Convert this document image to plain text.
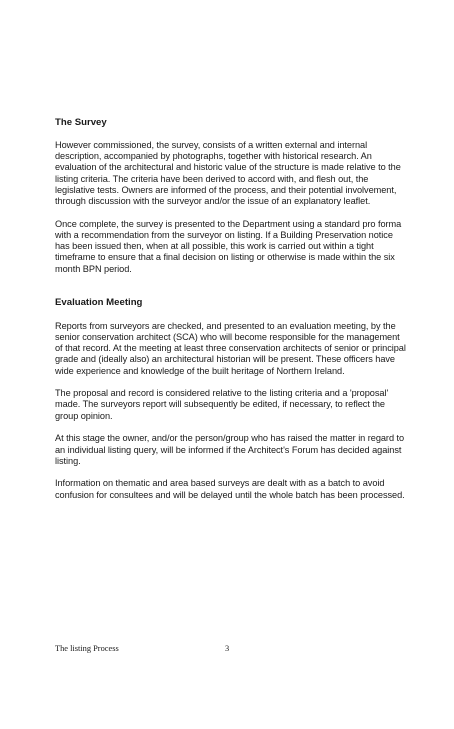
The Survey

However commissioned, the survey, consists of a written external and internal description, accompanied by photographs, together with historical research. An evaluation of the architectural and historic value of the structure is made relative to the listing criteria. The criteria have been derived to accord with, and flesh out, the legislative tests. Owners are informed of the process, and their potential involvement, through discussion with the surveyor and/or the issue of an explanatory leaflet.

Once complete, the survey is presented to the Department using a standard pro forma with a recommendation from the surveyor on listing. If a Building Preservation notice has been issued then, when at all possible, this work is carried out within a tight timeframe to ensure that a final decision on listing or otherwise is made within the six month BPN period.

Evaluation Meeting

Reports from surveyors are checked, and presented to an evaluation meeting, by the senior conservation architect (SCA) who will become responsible for the management of that record. At the meeting at least three conservation architects of senior or principal grade and (ideally also) an architectural historian will be present. These officers have wide experience and knowledge of the built heritage of Northern Ireland.

The proposal and record is considered relative to the listing criteria and a 'proposal' made. The surveyors report will subsequently be edited, if necessary, to reflect the group opinion.

At this stage the owner, and/or the person/group who has raised the matter in regard to an individual listing query, will be informed if the Architect's Forum has decided against listing.

Information on thematic and area based surveys are dealt with as a batch to avoid confusion for consultees and will be delayed until the whole batch has been processed.

The listing Process	3
